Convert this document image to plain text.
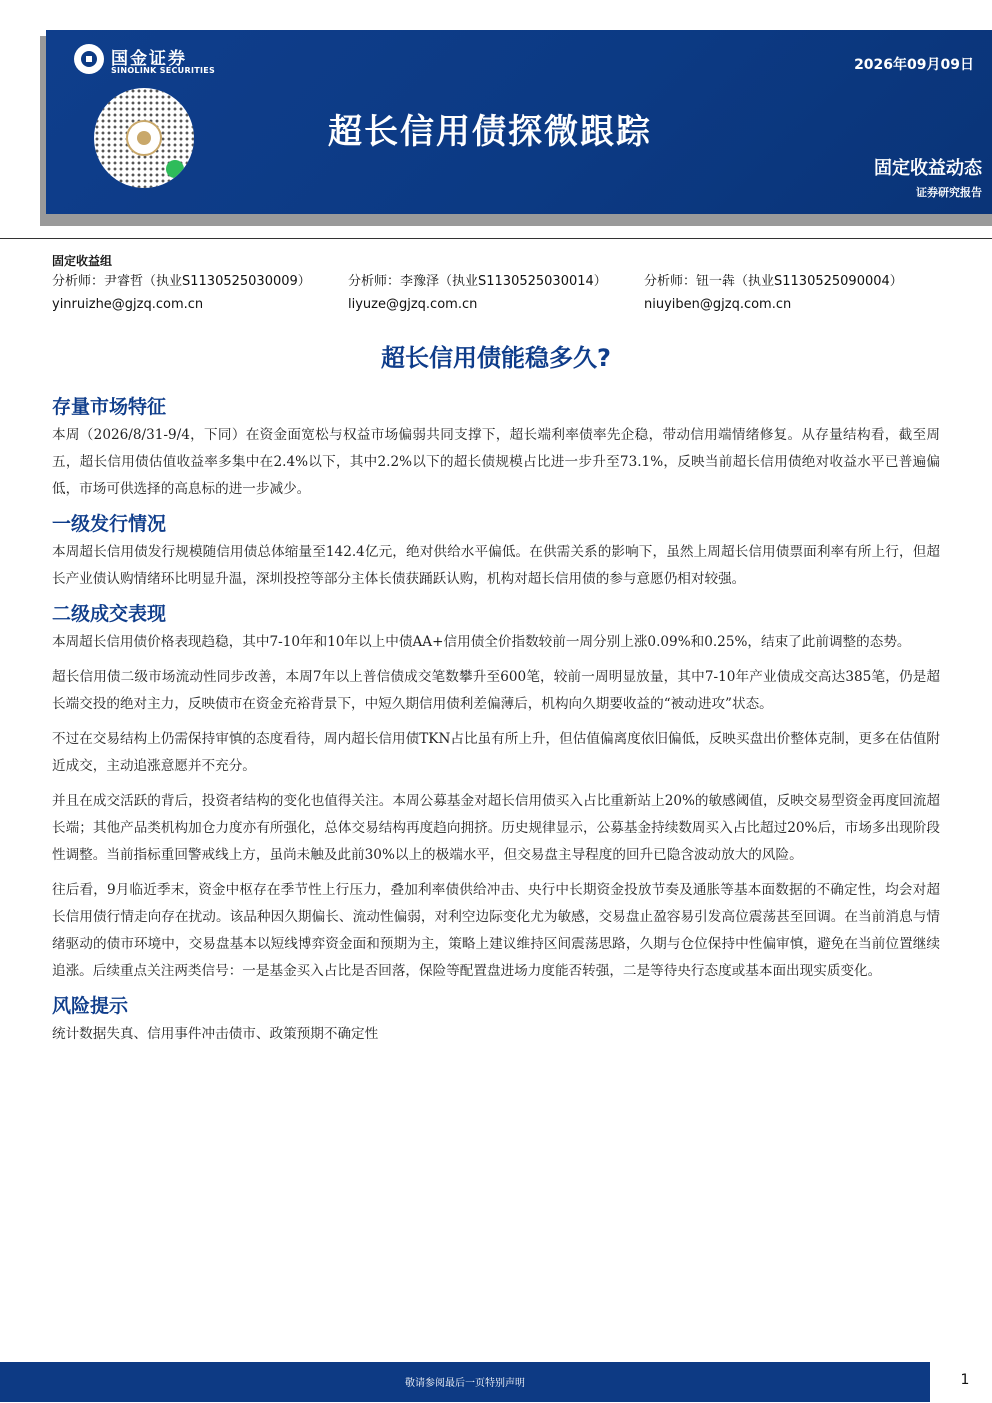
国金证券
SINOLINK SECURITIES	2026年09月09日
超长信用债探微跟踪
固定收益动态
证券研究报告
固定收益组
分析师：尹睿哲（执业S1130525030009）	分析师：李豫泽（执业S1130525030014）	分析师：钮一犇（执业S1130525090004）
yinruizhe@gjzq.com.cn	liyuze@gjzq.com.cn	niuyiben@gjzq.com.cn
超长信用债能稳多久?
存量市场特征

本周（2026/8/31-9/4，下同）在资金面宽松与权益市场偏弱共同支撑下，超长端利率债率先企稳，带动信用端情绪修复。从存量结构看，截至周五，超长信用债估值收益率多集中在2.4%以下，其中2.2%以下的超长债规模占比进一步升至73.1%，反映当前超长信用债绝对收益水平已普遍偏低，市场可供选择的高息标的进一步减少。

一级发行情况

本周超长信用债发行规模随信用债总体缩量至142.4亿元，绝对供给水平偏低。在供需关系的影响下，虽然上周超长信用债票面利率有所上行，但超长产业债认购情绪环比明显升温，深圳投控等部分主体长债获踊跃认购，机构对超长信用债的参与意愿仍相对较强。

二级成交表现

本周超长信用债价格表现趋稳，其中7-10年和10年以上中债AA+信用债全价指数较前一周分别上涨0.09%和0.25%，结束了此前调整的态势。

超长信用债二级市场流动性同步改善，本周7年以上普信债成交笔数攀升至600笔，较前一周明显放量，其中7-10年产业债成交高达385笔，仍是超长端交投的绝对主力，反映债市在资金充裕背景下，中短久期信用债利差偏薄后，机构向久期要收益的“被动进攻”状态。

不过在交易结构上仍需保持审慎的态度看待，周内超长信用债TKN占比虽有所上升，但估值偏离度依旧偏低，反映买盘出价整体克制，更多在估值附近成交，主动追涨意愿并不充分。

并且在成交活跃的背后，投资者结构的变化也值得关注。本周公募基金对超长信用债买入占比重新站上20%的敏感阈值，反映交易型资金再度回流超长端；其他产品类机构加仓力度亦有所强化，总体交易结构再度趋向拥挤。历史规律显示，公募基金持续数周买入占比超过20%后，市场多出现阶段性调整。当前指标重回警戒线上方，虽尚未触及此前30%以上的极端水平，但交易盘主导程度的回升已隐含波动放大的风险。

往后看，9月临近季末，资金中枢存在季节性上行压力，叠加利率债供给冲击、央行中长期资金投放节奏及通胀等基本面数据的不确定性，均会对超长信用债行情走向存在扰动。该品种因久期偏长、流动性偏弱，对利空边际变化尤为敏感，交易盘止盈容易引发高位震荡甚至回调。在当前消息与情绪驱动的债市环境中，交易盘基本以短线博弈资金面和预期为主，策略上建议维持区间震荡思路，久期与仓位保持中性偏审慎，避免在当前位置继续追涨。后续重点关注两类信号：一是基金买入占比是否回落，保险等配置盘进场力度能否转强，二是等待央行态度或基本面出现实质变化。

风险提示

统计数据失真、信用事件冲击债市、政策预期不确定性

敬请参阅最后一页特别声明	1
